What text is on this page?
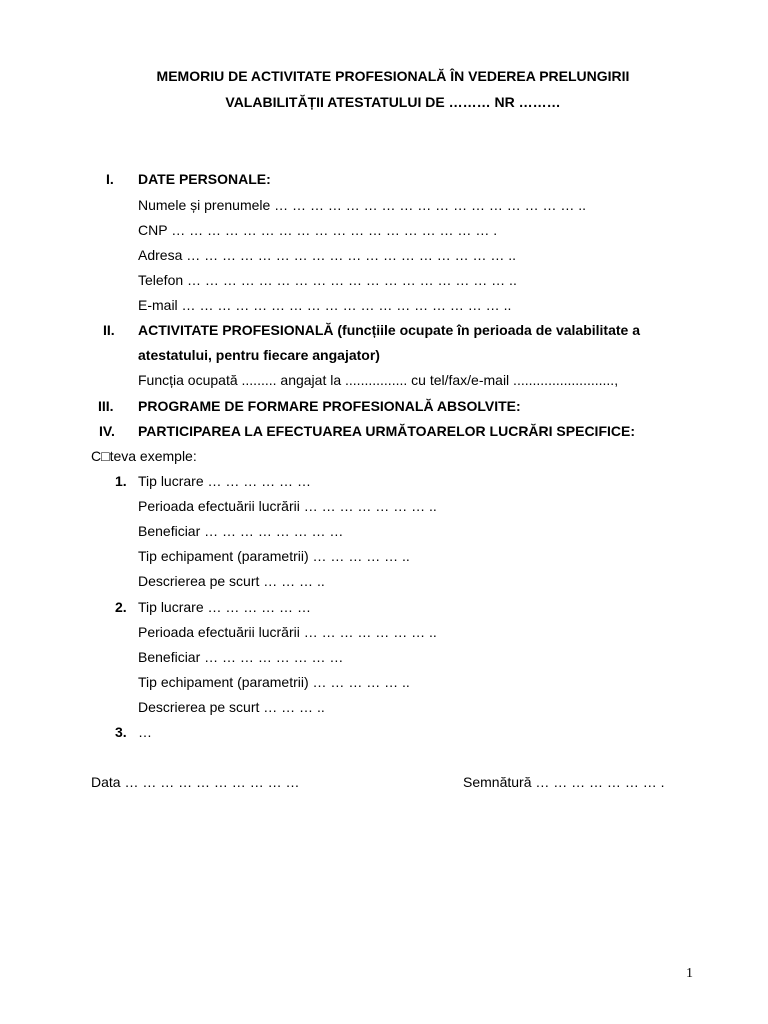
MEMORIU DE ACTIVITATE PROFESIONALĂ ÎN VEDEREA PRELUNGIRII
VALABILITĂȚII ATESTATULUI DE ……… NR ………
I. DATE PERSONALE:
Numele și prenumele … … … … … … … … … … … … … … … … … ..
CNP … … … … … … … … … … … … … … … … … … .
Adresa … … … … … … … … … … … … … … … … … … ..
Telefon … … … … … … … … … … … … … … … … … … ..
E-mail … … … … … … … … … … … … … … … … … … ..
II. ACTIVITATE PROFESIONALĂ (funcțiile ocupate în perioada de valabilitate a
atestatului, pentru fiecare angajator)
Funcția ocupată ......... angajat la ................ cu tel/fax/e-mail ..........................,
III. PROGRAME DE FORMARE PROFESIONALĂ ABSOLVITE:
IV. PARTICIPAREA LA EFECTUAREA URMĂTOARELOR LUCRĂRI SPECIFICE:
C□teva exemple:
1. Tip lucrare … … … … … …
Perioada efectuării lucrării … … … … … … … ..
Beneficiar … … … … … … … …
Tip echipament (parametrii) … … … … … ..
Descrierea pe scurt … … … ..
2. Tip lucrare … … … … … …
Perioada efectuării lucrării … … … … … … … ..
Beneficiar … … … … … … … …
Tip echipament (parametrii) … … … … … ..
Descrierea pe scurt … … … ..
3. …
Data … … … … … … … … … …	Semnătură … … … … … … … .
1
